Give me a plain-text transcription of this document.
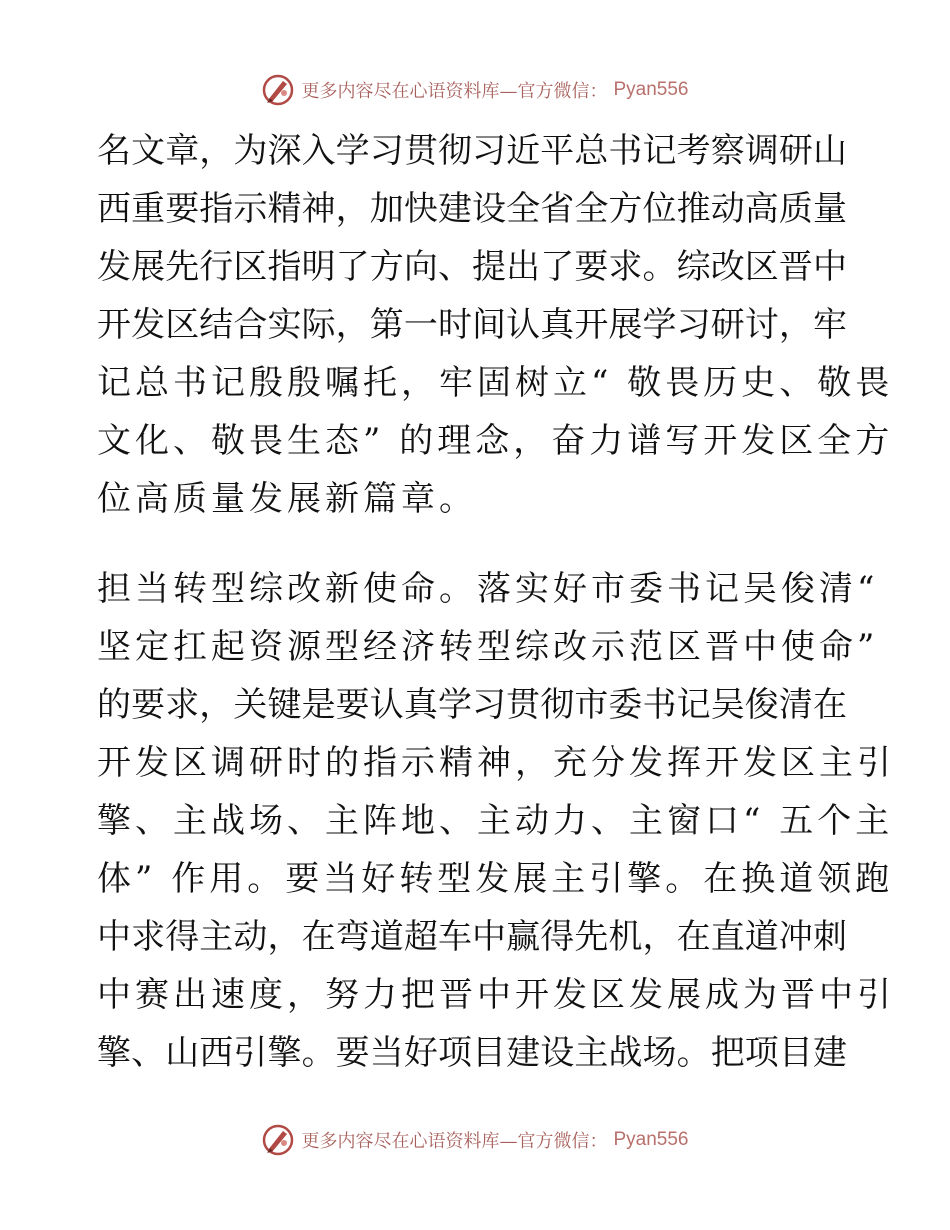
更多内容尽在心语资料库—官方微信： Pyan556
名文章，为深入学习贯彻习近平总书记考察调研山
西重要指示精神，加快建设全省全方位推动高质量
发展先行区指明了方向、提出了要求。综改区晋中
开发区结合实际，第一时间认真开展学习研讨，牢
记总书记殷殷嘱托，牢固树立“ 敬畏历史、敬畏
文化、敬畏生态” 的理念，奋力谱写开发区全方
位高质量发展新篇章。
担当转型综改新使命。落实好市委书记吴俊清“
坚定扛起资源型经济转型综改示范区晋中使命”
的要求，关键是要认真学习贯彻市委书记吴俊清在
开发区调研时的指示精神，充分发挥开发区主引
擎、主战场、主阵地、主动力、主窗口“ 五个主
体” 作用。要当好转型发展主引擎。在换道领跑
中求得主动，在弯道超车中赢得先机，在直道冲刺
中赛出速度，努力把晋中开发区发展成为晋中引
擎、山西引擎。要当好项目建设主战场。把项目建
更多内容尽在心语资料库—官方微信： Pyan556
